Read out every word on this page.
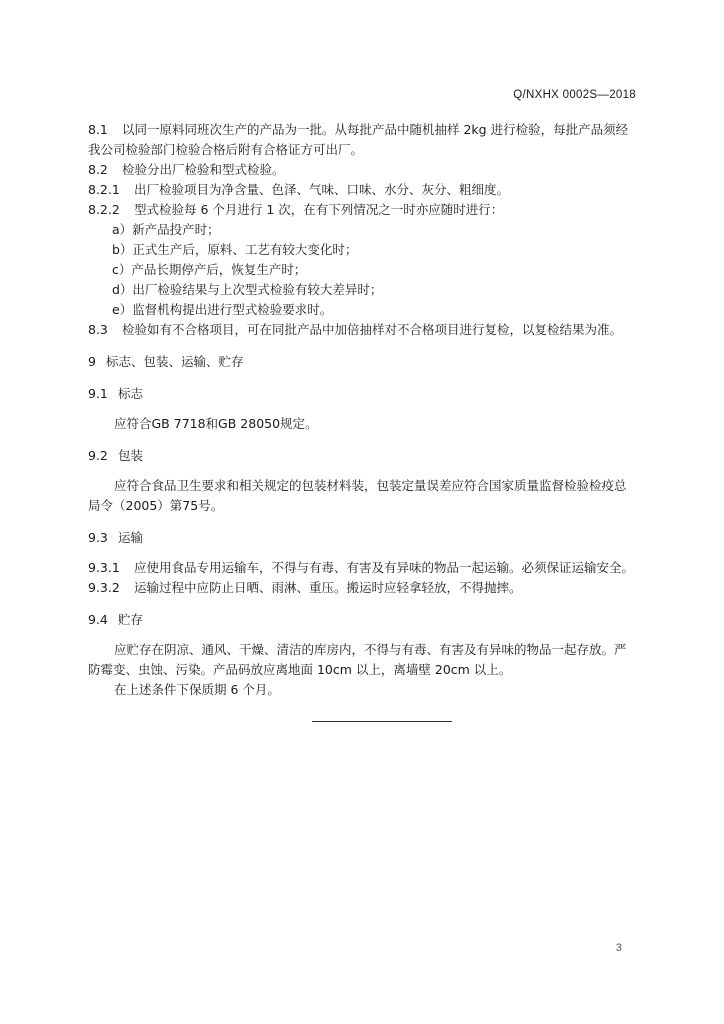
Q/NXHX 0002S—2018
8.1 以同一原料同班次生产的产品为一批。从每批产品中随机抽样 2kg 进行检验，每批产品须经
我公司检验部门检验合格后附有合格证方可出厂。
8.2 检验分出厂检验和型式检验。
8.2.1 出厂检验项目为净含量、色泽、气味、口味、水分、灰分、粗细度。
8.2.2 型式检验每 6 个月进行 1 次，在有下列情况之一时亦应随时进行：
a）新产品投产时；
b）正式生产后，原料、工艺有较大变化时；
c）产品长期停产后，恢复生产时；
d）出厂检验结果与上次型式检验有较大差异时；
e）监督机构提出进行型式检验要求时。
8.3 检验如有不合格项目，可在同批产品中加倍抽样对不合格项目进行复检，以复检结果为准。
9 标志、包装、运输、贮存
9.1 标志
应符合GB 7718和GB 28050规定。
9.2 包装
应符合食品卫生要求和相关规定的包装材料装，包装定量误差应符合国家质量监督检验检疫总
局令（2005）第75号。
9.3 运输
9.3.1 应使用食品专用运输车，不得与有毒、有害及有异味的物品一起运输。必须保证运输安全。
9.3.2 运输过程中应防止日晒、雨淋、重压。搬运时应轻拿轻放，不得抛摔。
9.4 贮存
应贮存在阴凉、通风、干燥、清洁的库房内，不得与有毒、有害及有异味的物品一起存放。严
防霉变、虫蚀、污染。产品码放应离地面 10cm 以上，离墙壁 20cm 以上。
在上述条件下保质期 6 个月。
3
